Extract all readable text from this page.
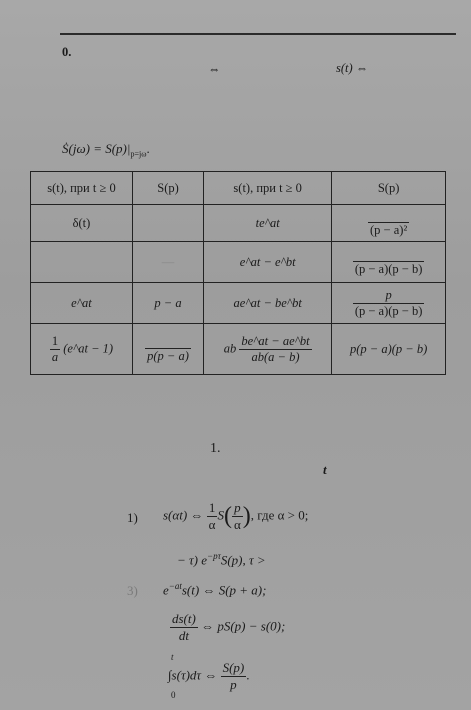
0.
⇔	s(t) ⇔
Ṡ(jω) = $S(p)|_{p=j\omega}$.
s(t), при t ≥ 0	S(p)	s(t), при t ≥ 0	S(p)
δ(t)		te^at	(p − a)²

	—	e^at − e^bt	(p − a)(p − b)

e^at	p − a	ae^at − be^bt	$\frac{p}{(p - a)(p - b)}$

$\frac{1}{a}$ (e^at − 1)	p(p − a)	ab $\frac{be\^{}at - ae\^{}bt}{ab(a - b)}$	p(p − a)(p − b)
1.
t
1) s(αt) ⇔ $\frac{1}{\alpha} S( \frac{p}{\alpha}$ ), где α > 0;
− τ) $e^{-p\tau}S(p)$, τ >
3) $e^{-at}s(t)$ ⇔ S(p + a);
$\frac{ds(t)}{dt}$ ⇔ pS(p) − s(0);
t
0
∫s(τ)dτ ⇔ $\frac{S(p)}{p}$ .
